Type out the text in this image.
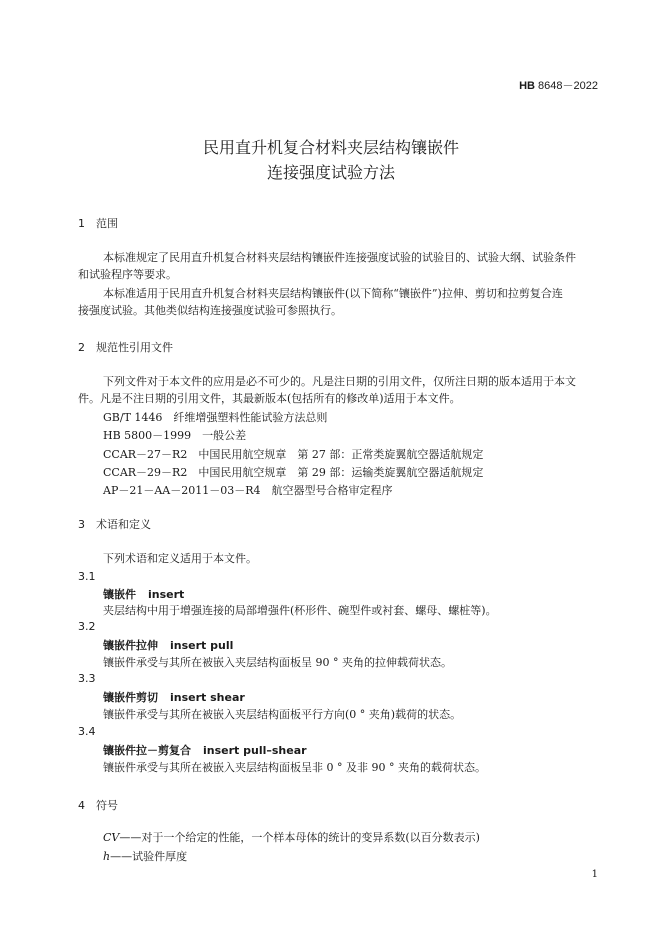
HB 8648－2022
民用直升机复合材料夹层结构镶嵌件
连接强度试验方法
1 范围
本标准规定了民用直升机复合材料夹层结构镶嵌件连接强度试验的试验目的、试验大纲、试验条件
和试验程序等要求。
本标准适用于民用直升机复合材料夹层结构镶嵌件(以下简称“镶嵌件”)拉伸、剪切和拉剪复合连
接强度试验。其他类似结构连接强度试验可参照执行。
2 规范性引用文件
下列文件对于本文件的应用是必不可少的。凡是注日期的引用文件，仅所注日期的版本适用于本文
件。凡是不注日期的引用文件，其最新版本(包括所有的修改单)适用于本文件。
GB/T 1446　纤维增强塑料性能试验方法总则
HB 5800－1999　一般公差
CCAR－27－R2　中国民用航空规章　第 27 部：正常类旋翼航空器适航规定
CCAR－29－R2　中国民用航空规章　第 29 部：运输类旋翼航空器适航规定
AP－21－AA－2011－03－R4　航空器型号合格审定程序
3 术语和定义
下列术语和定义适用于本文件。
3.1
镶嵌件 insert
夹层结构中用于增强连接的局部增强件(杯形件、碗型件或衬套、螺母、螺桩等)。
3.2
镶嵌件拉伸 insert pull
镶嵌件承受与其所在被嵌入夹层结构面板呈 90 ° 夹角的拉伸载荷状态。
3.3
镶嵌件剪切 insert shear
镶嵌件承受与其所在被嵌入夹层结构面板平行方向(0 ° 夹角)载荷的状态。
3.4
镶嵌件拉－剪复合 insert pull–shear
镶嵌件承受与其所在被嵌入夹层结构面板呈非 0 ° 及非 90 ° 夹角的载荷状态。
4 符号
CV——对于一个给定的性能，一个样本母体的统计的变异系数(以百分数表示)
h——试验件厚度
1
